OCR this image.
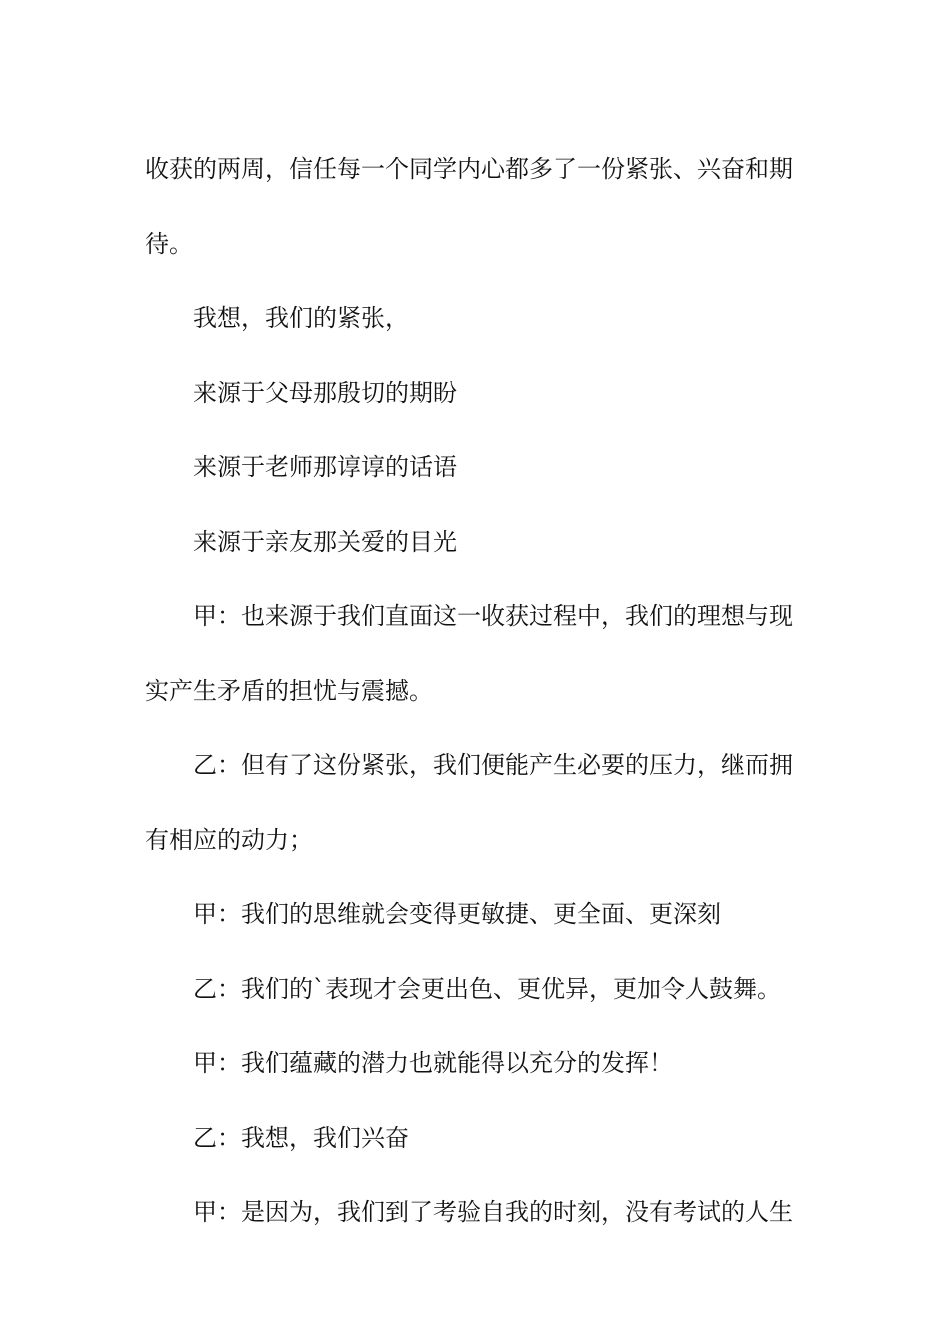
收获的两周，信任每一个同学内心都多了一份紧张、兴奋和期待。

我想，我们的紧张，

来源于父母那殷切的期盼

来源于老师那谆谆的话语

来源于亲友那关爱的目光

甲：也来源于我们直面这一收获过程中，我们的理想与现实产生矛盾的担忧与震撼。

乙：但有了这份紧张，我们便能产生必要的压力，继而拥有相应的动力；

甲：我们的思维就会变得更敏捷、更全面、更深刻

乙：我们的`表现才会更出色、更优异，更加令人鼓舞。

甲：我们蕴藏的潜力也就能得以充分的发挥！

乙：我想，我们兴奋

甲：是因为，我们到了考验自我的时刻，没有考试的人生
